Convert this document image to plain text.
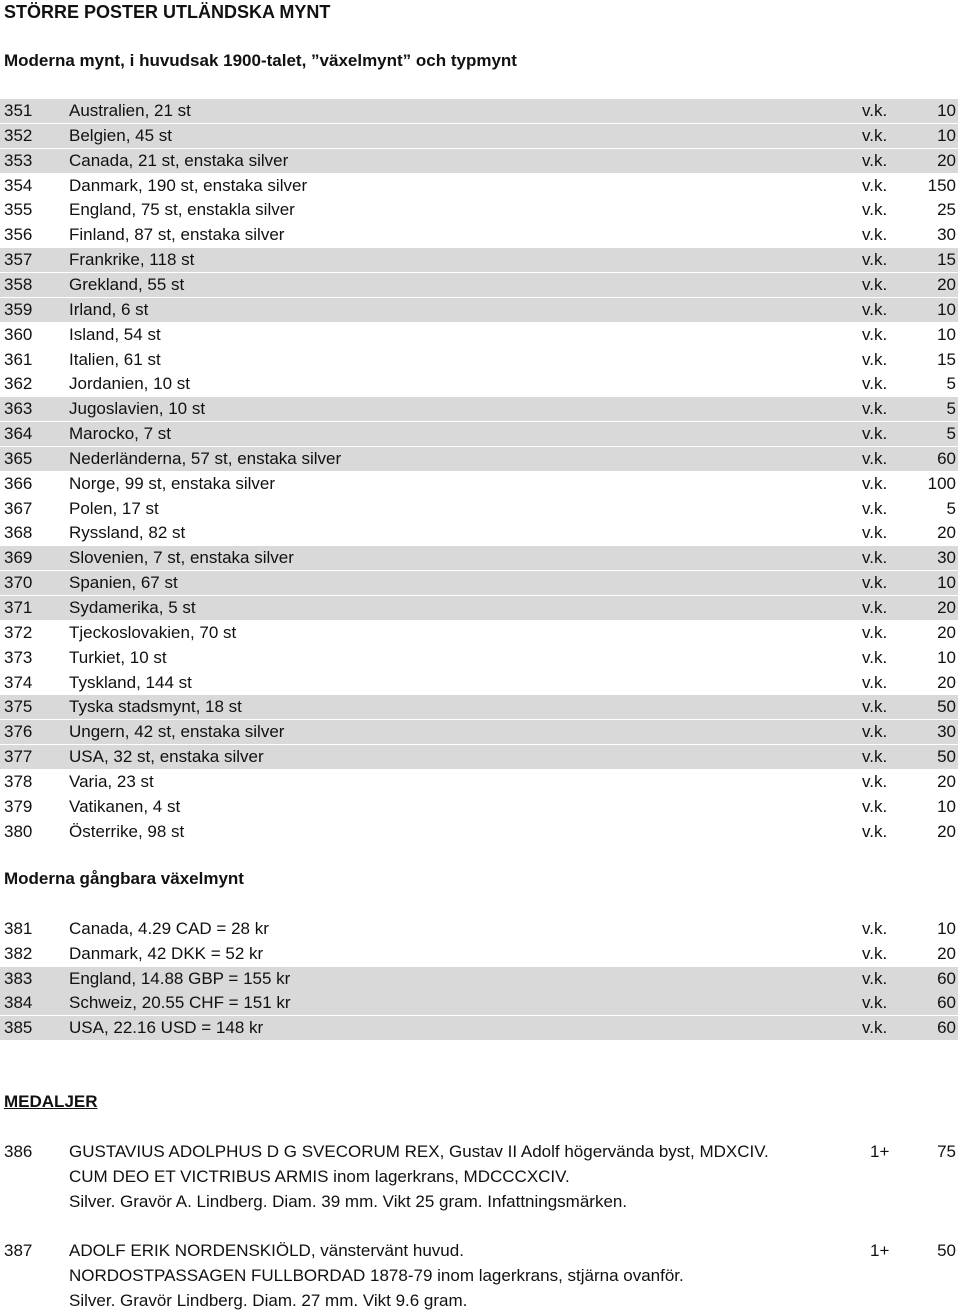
STÖRRE POSTER UTLÄNDSKA MYNT
Moderna mynt, i huvudsak 1900-talet, ”växelmynt” och typmynt
351 Australien, 21 st	v.k.	10
352 Belgien, 45 st	v.k.	10
353 Canada, 21 st, enstaka silver	v.k.	20
354 Danmark, 190 st, enstaka silver	v.k. 150
355 England, 75 st, enstakla silver	v.k.	25
356 Finland, 87 st, enstaka silver	v.k.	30
357 Frankrike, 118 st	v.k.	15
358 Grekland, 55 st	v.k.	20
359 Irland, 6 st	v.k.	10
360 Island, 54 st	v.k.	10
361 Italien, 61 st	v.k.	15
362 Jordanien, 10 st	v.k.	5
363 Jugoslavien, 10 st	v.k.	5
364 Marocko, 7 st	v.k.	5
365 Nederländerna, 57 st, enstaka silver	v.k.	60
366 Norge, 99 st, enstaka silver	v.k. 100
367 Polen, 17 st	v.k.	5
368 Ryssland, 82 st	v.k.	20
369 Slovenien, 7 st, enstaka silver	v.k.	30
370 Spanien, 67 st	v.k.	10
371 Sydamerika, 5 st	v.k.	20
372 Tjeckoslovakien, 70 st	v.k.	20
373 Turkiet, 10 st	v.k.	10
374 Tyskland, 144 st	v.k.	20
375 Tyska stadsmynt, 18 st	v.k.	50
376 Ungern, 42 st, enstaka silver	v.k.	30
377 USA, 32 st, enstaka silver	v.k.	50
378 Varia, 23 st	v.k.	20
379 Vatikanen, 4 st	v.k.	10
380 Österrike, 98 st	v.k.	20
Moderna gångbara växelmynt
381 Canada, 4.29 CAD = 28 kr	v.k.	10
382 Danmark, 42 DKK = 52 kr	v.k.	20
383 England, 14.88 GBP = 155 kr	v.k.	60
384 Schweiz, 20.55 CHF = 151 kr	v.k.	60
385 USA, 22.16 USD = 148 kr	v.k.	60
MEDALJER
386 GUSTAVIUS ADOLPHUS D G SVECORUM REX, Gustav II Adolf högervända byst, MDXCIV.
CUM DEO ET VICTRIBUS ARMIS inom lagerkrans, MDCCCXCIV.
Silver. Gravör A. Lindberg. Diam. 39 mm. Vikt 25 gram. Infattningsmärken.
1+	75
387 ADOLF ERIK NORDENSKIÖLD, vänstervänt huvud.
NORDOSTPASSAGEN FULLBORDAD 1878-79 inom lagerkrans, stjärna ovanför.
Silver. Gravör Lindberg. Diam. 27 mm. Vikt 9.6 gram.
1+	50
